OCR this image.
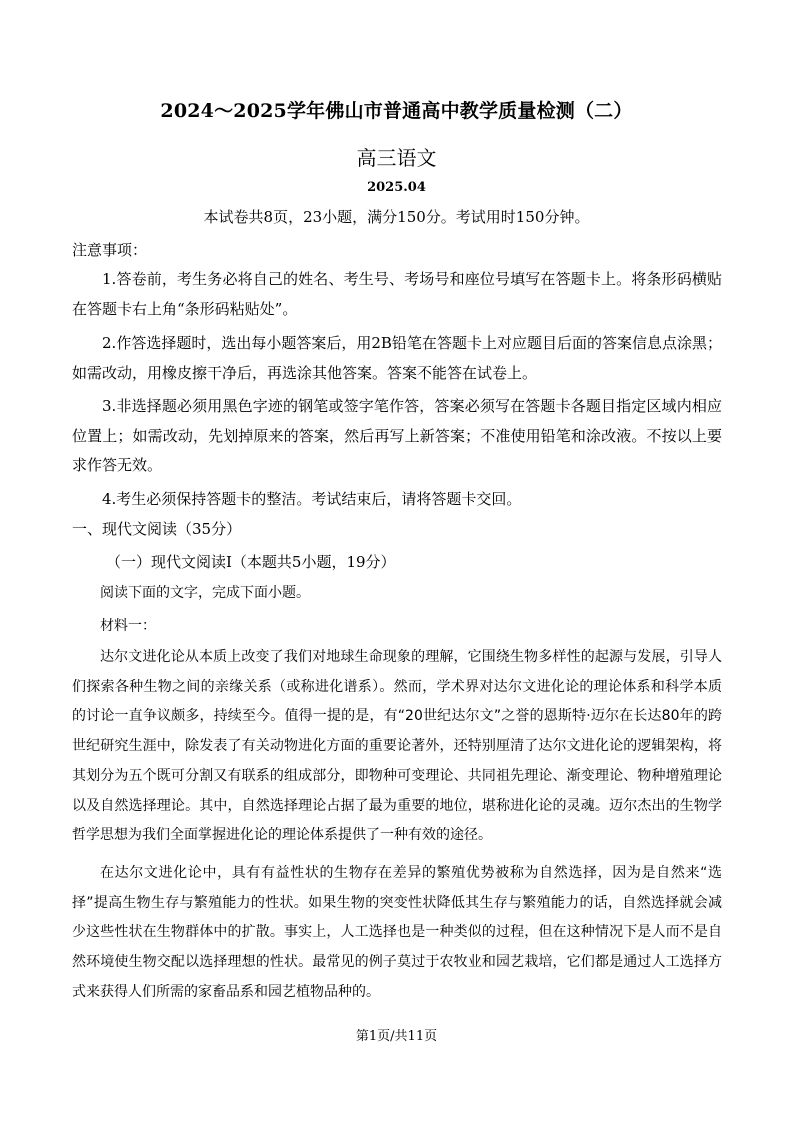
2024～2025学年佛山市普通高中教学质量检测（二）
高三语文
2025.04
本试卷共8页，23小题，满分150分。考试用时150分钟。
注意事项：
1.答卷前，考生务必将自己的姓名、考生号、考场号和座位号填写在答题卡上。将条形码横贴在答题卡右上角“条形码粘贴处”。
2.作答选择题时，选出每小题答案后，用2B铅笔在答题卡上对应题目后面的答案信息点涂黑；如需改动，用橡皮擦干净后，再选涂其他答案。答案不能答在试卷上。
3.非选择题必须用黑色字迹的钢笔或签字笔作答，答案必须写在答题卡各题目指定区域内相应位置上；如需改动，先划掉原来的答案，然后再写上新答案；不准使用铅笔和涂改液。不按以上要求作答无效。
4.考生必须保持答题卡的整洁。考试结束后，请将答题卡交回。
一、现代文阅读（35分）
（一）现代文阅读Ⅰ（本题共5小题，19分）
阅读下面的文字，完成下面小题。
材料一：
达尔文进化论从本质上改变了我们对地球生命现象的理解，它围绕生物多样性的起源与发展，引导人们探索各种生物之间的亲缘关系（或称进化谱系）。然而，学术界对达尔文进化论的理论体系和科学本质的讨论一直争议颇多，持续至今。值得一提的是，有“20世纪达尔文”之誉的恩斯特·迈尔在长达80年的跨世纪研究生涯中，除发表了有关动物进化方面的重要论著外，还特别厘清了达尔文进化论的逻辑架构，将其划分为五个既可分割又有联系的组成部分，即物种可变理论、共同祖先理论、渐变理论、物种增殖理论以及自然选择理论。其中，自然选择理论占据了最为重要的地位，堪称进化论的灵魂。迈尔杰出的生物学哲学思想为我们全面掌握进化论的理论体系提供了一种有效的途径。
在达尔文进化论中，具有有益性状的生物存在差异的繁殖优势被称为自然选择，因为是自然来“选择”提高生物生存与繁殖能力的性状。如果生物的突变性状降低其生存与繁殖能力的话，自然选择就会减少这些性状在生物群体中的扩散。事实上，人工选择也是一种类似的过程，但在这种情况下是人而不是自然环境使生物交配以选择理想的性状。最常见的例子莫过于农牧业和园艺栽培，它们都是通过人工选择方式来获得人们所需的家畜品系和园艺植物品种的。
第1页/共11页
